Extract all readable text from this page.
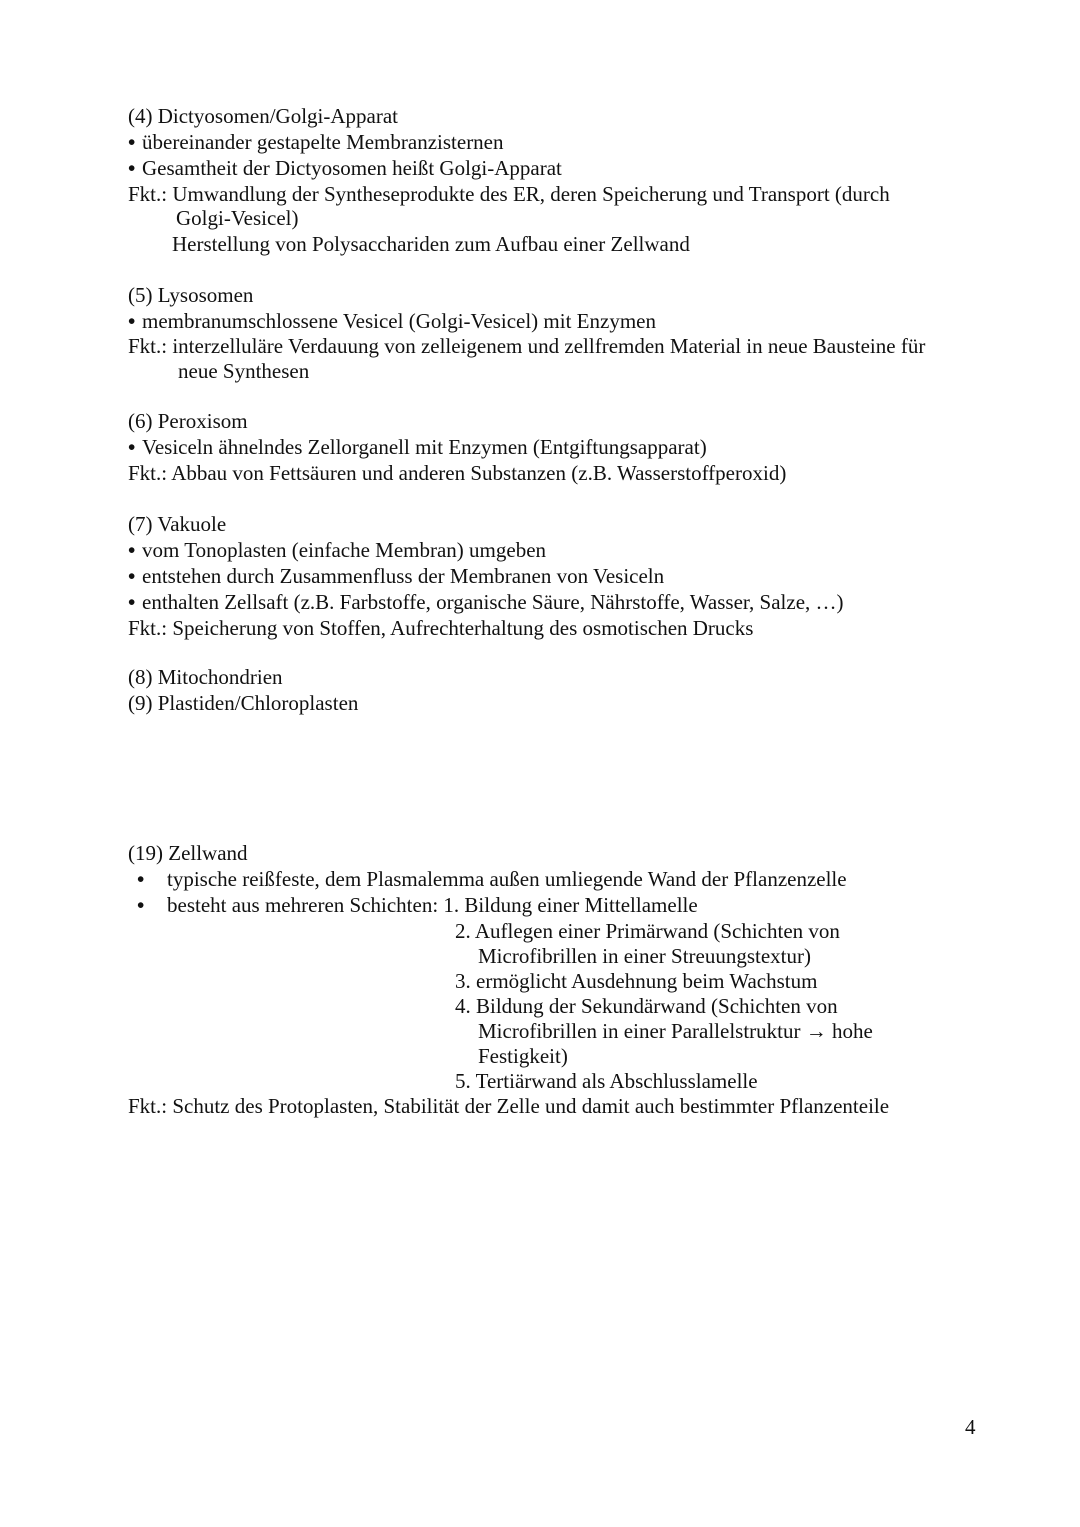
(4) Dictyosomen/Golgi-Apparat
• übereinander gestapelte Membranzisternen
• Gesamtheit der Dictyosomen heißt Golgi-Apparat
Fkt.: Umwandlung der Syntheseprodukte des ER, deren Speicherung und Transport (durch
Golgi-Vesicel)
Herstellung von Polysacchariden zum Aufbau einer Zellwand
(5) Lysosomen
• membranumschlossene Vesicel (Golgi-Vesicel) mit Enzymen
Fkt.: interzelluläre Verdauung von zelleigenem und zellfremden Material in neue Bausteine für
neue Synthesen
(6) Peroxisom
• Vesiceln ähnelndes Zellorganell mit Enzymen (Entgiftungsapparat)
Fkt.: Abbau von Fettsäuren und anderen Substanzen (z.B. Wasserstoffperoxid)
(7) Vakuole
• vom Tonoplasten (einfache Membran) umgeben
• entstehen durch Zusammenfluss der Membranen von Vesiceln
• enthalten Zellsaft (z.B. Farbstoffe, organische Säure, Nährstoffe, Wasser, Salze, …)
Fkt.: Speicherung von Stoffen, Aufrechterhaltung des osmotischen Drucks
(8) Mitochondrien
(9) Plastiden/Chloroplasten
(19) Zellwand
• typische reißfeste, dem Plasmalemma außen umliegende Wand der Pflanzenzelle
• besteht aus mehreren Schichten: 1. Bildung einer Mittellamelle
2. Auflegen einer Primärwand (Schichten von
Microfibrillen in einer Streuungstextur)
3. ermöglicht Ausdehnung beim Wachstum
4. Bildung der Sekundärwand (Schichten von
Microfibrillen in einer Parallelstruktur → hohe
Festigkeit)
5. Tertiärwand als Abschlusslamelle
Fkt.: Schutz des Protoplasten, Stabilität der Zelle und damit auch bestimmter Pflanzenteile
4
